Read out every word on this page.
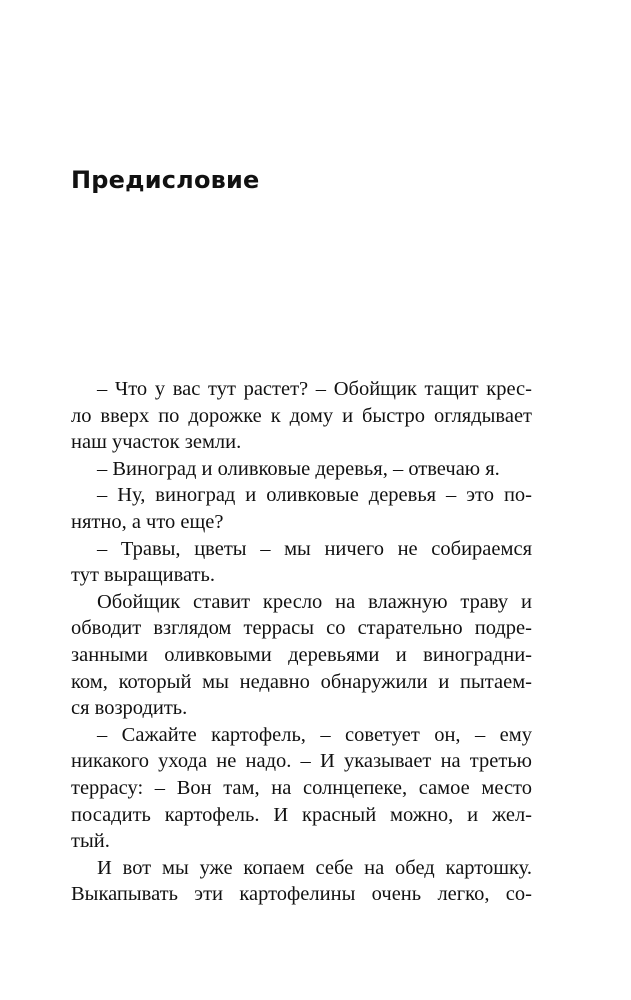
Предисловие

– Что у вас тут растет? – Обойщик тащит крес-
ло вверх по дорожке к дому и быстро оглядывает
наш участок земли.

– Виноград и оливковые деревья, – отвечаю я.

– Ну, виноград и оливковые деревья – это по-
нятно, а что еще?

– Травы, цветы – мы ничего не собираемся
тут выращивать.

Обойщик ставит кресло на влажную траву и
обводит взглядом террасы со старательно подре-
занными оливковыми деревьями и виноградни-
ком, который мы недавно обнаружили и пытаем-
ся возродить.

– Сажайте картофель, – советует он, – ему
никакого ухода не надо. – И указывает на третью
террасу: – Вон там, на солнцепеке, самое место
посадить картофель. И красный можно, и жел-
тый.

И вот мы уже копаем себе на обед картошку.
Выкапывать эти картофелины очень легко, со-
